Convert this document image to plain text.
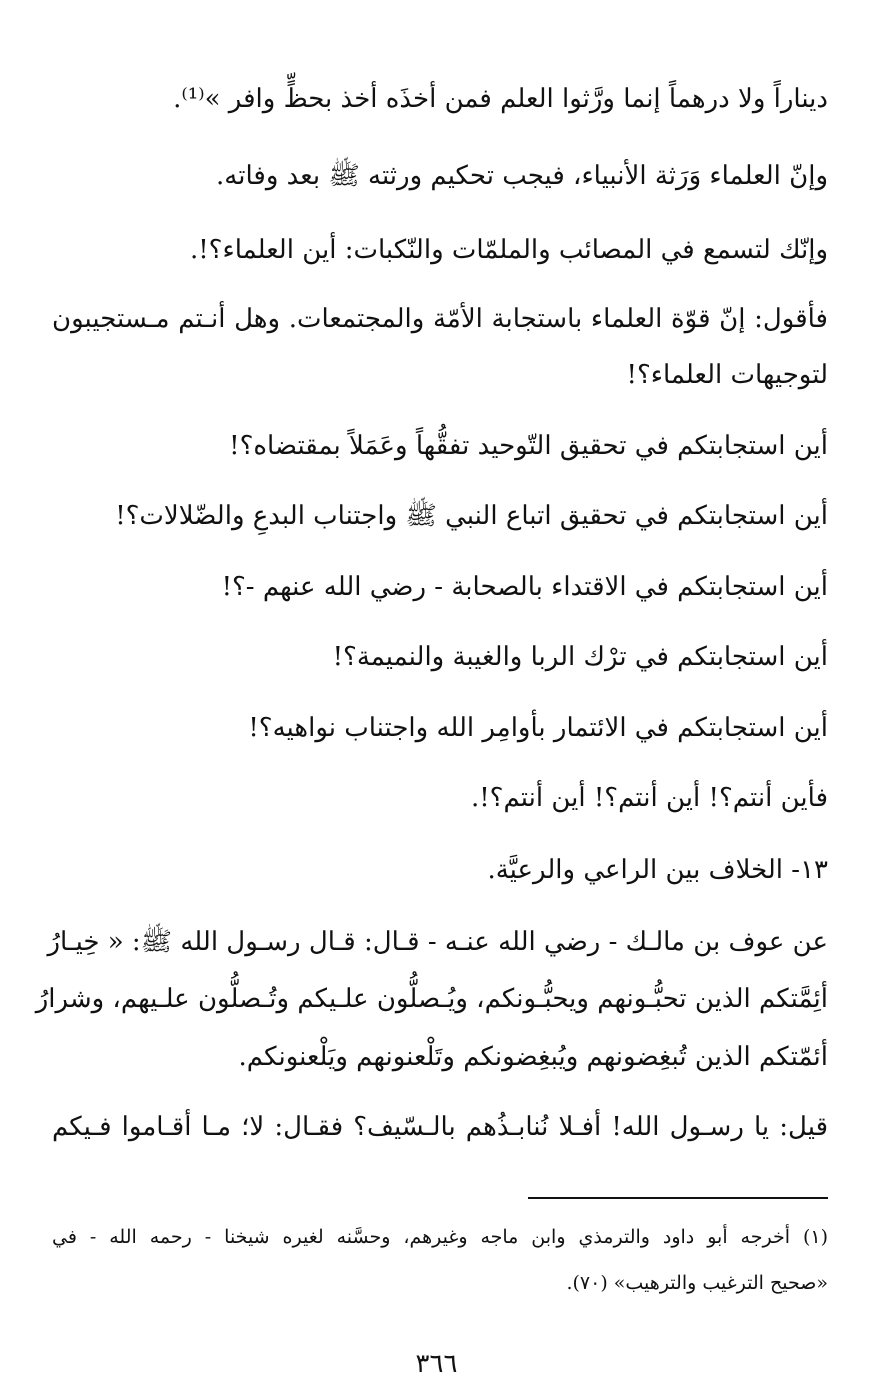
ديناراً ولا درهماً إنما ورَّثوا العلم فمن أخذَه أخذ بحظٍّ وافر »⁽¹⁾.
وإنّ العلماء وَرَثة الأنبياء، فيجب تحكيم ورثته ﷺ بعد وفاته.
وإنّك لتسمع في المصائب والملمّات والنّكبات: أين العلماء؟!.
فأقول: إنّ قوّة العلماء باستجابة الأمّة والمجتمعات. وهل أنـتم مـستجيبون
لتوجيهات العلماء؟!
أين استجابتكم في تحقيق التّوحيد تفقُّهاً وعَمَلاً بمقتضاه؟!
أين استجابتكم في تحقيق اتباع النبي ﷺ واجتناب البدعِ والضّلالات؟!
أين استجابتكم في الاقتداء بالصحابة - رضي الله عنهم -؟!
أين استجابتكم في ترْك الربا والغيبة والنميمة؟!
أين استجابتكم في الائتمار بأوامِر الله واجتناب نواهيه؟!
فأين أنتم؟! أين أنتم؟! أين أنتم؟!.
١٣- الخلاف بين الراعي والرعيَّة.
عن عوف بن مالـك - رضي الله عنـه - قـال: قـال رسـول الله ﷺ: « خِيـارُ
أئِمَّتكم الذين تحبُّـونهم ويحبُّـونكم، ويُـصلُّون علـيكم وتُـصلُّون علـيهم، وشرارُ
أئمّتكم الذين تُبغِضونهم ويُبغِضونكم وتَلْعنونهم ويَلْعنونكم.
قيل: يا رسـول الله! أفـلا نُنابـذُهم بالـسّيف؟ فقـال: لا؛ مـا أقـاموا فـيكم
(١) أخرجه أبو داود والترمذي وابن ماجه وغيرهم، وحسَّنه لغيره شيخنا - رحمه الله - في
«صحيح الترغيب والترهيب» (٧٠).
٣٦٦
